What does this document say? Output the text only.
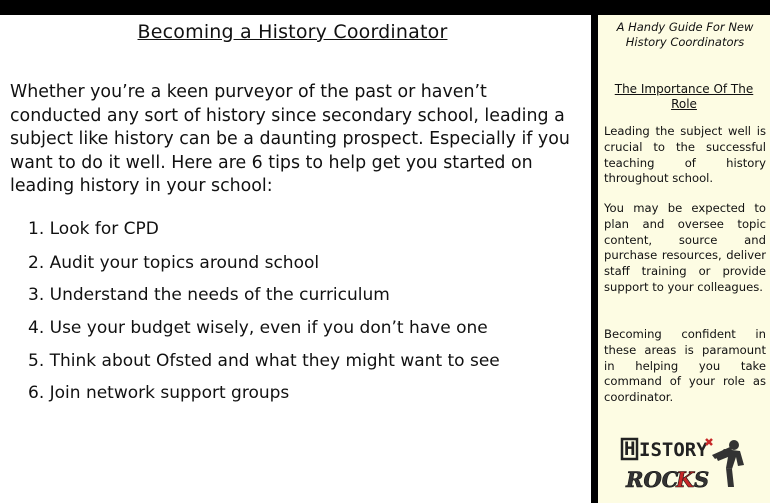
Becoming a History Coordinator

Whether you’re a keen purveyor of the past or haven’t conducted any sort of history since secondary school, leading a subject like history can be a daunting prospect. Especially if you want to do it well. Here are 6 tips to help get you started on leading history in your school:

1. Look for CPD
2. Audit your topics around school
3. Understand the needs of the curriculum
4. Use your budget wisely, even if you don’t have one
5. Think about Ofsted and what they might want to see
6. Join network support groups
A Handy Guide For New History Coordinators
The Importance Of The Role

Leading the subject well is crucial to the successful teaching of history throughout school.

You may be expected to plan and oversee topic content, source and purchase resources, deliver staff training or provide support to your colleagues.

Becoming confident in these areas is paramount in helping you take command of your role as coordinator.

H ISTORY
ROC
K S
